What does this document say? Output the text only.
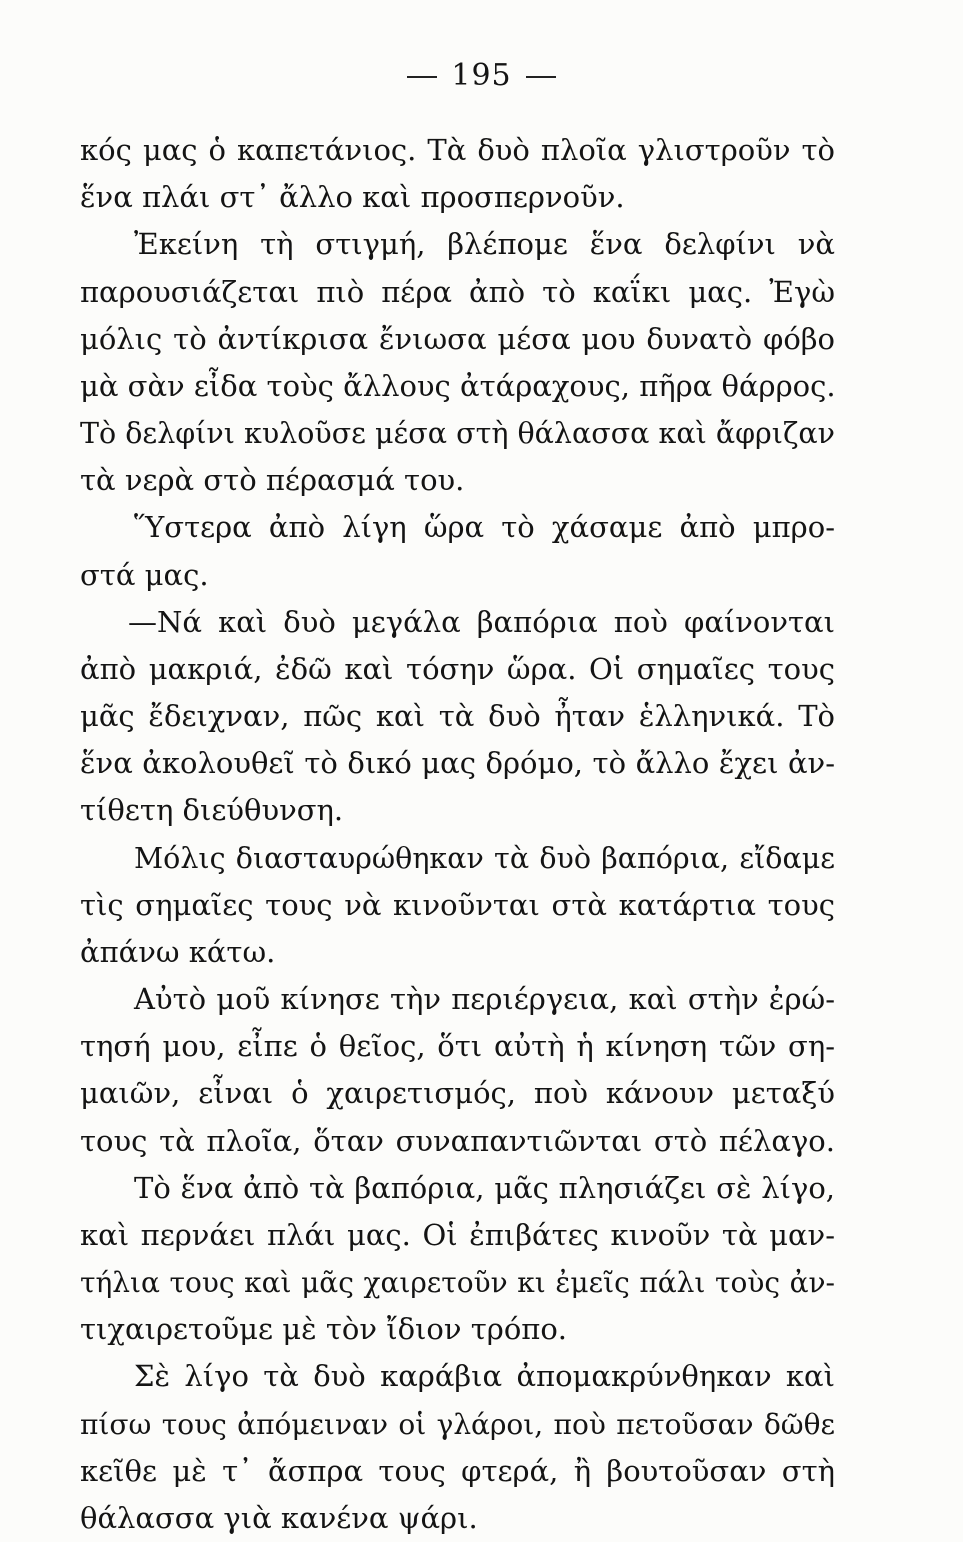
195
κός μας ὁ καπετάνιος. Τὰ δυὸ πλοῖα γλιστροῦν τὸ
ἕνα πλάι στ᾽ ἄλλο καὶ προσπερνοῦν.
Ἐκείνη τὴ στιγμή, βλέπομε ἕνα δελφίνι νὰ
παρουσιάζεται πιὸ πέρα ἀπὸ τὸ καΐκι μας. Ἐγὼ
μόλις τὸ ἀντίκρισα ἔνιωσα μέσα μου δυνατὸ φόβο
μὰ σὰν εἶδα τοὺς ἄλλους ἀτάραχους, πῆρα θάρρος.
Τὸ δελφίνι κυλοῦσε μέσα στὴ θάλασσα καὶ ἄφριζαν
τὰ νερὰ στὸ πέρασμά του.
Ὕστερα ἀπὸ λίγη ὥρα τὸ χάσαμε ἀπὸ μπρο-
στά μας.
—Νά καὶ δυὸ μεγάλα βαπόρια ποὺ φαίνονται
ἀπὸ μακριά, ἐδῶ καὶ τόσην ὥρα. Οἱ σημαῖες τους
μᾶς ἔδειχναν, πῶς καὶ τὰ δυὸ ἦταν ἑλληνικά. Τὸ
ἕνα ἀκολουθεῖ τὸ δικό μας δρόμο, τὸ ἄλλο ἔχει ἀν-
τίθετη διεύθυνση.
Μόλις διασταυρώθηκαν τὰ δυὸ βαπόρια, εἴδαμε
τὶς σημαῖες τους νὰ κινοῦνται στὰ κατάρτια τους
ἀπάνω κάτω.
Αὐτὸ μοῦ κίνησε τὴν περιέργεια, καὶ στὴν ἐρώ-
τησή μου, εἶπε ὁ θεῖος, ὅτι αὐτὴ ἡ κίνηση τῶν ση-
μαιῶν, εἶναι ὁ χαιρετισμός, ποὺ κάνουν μεταξύ
τους τὰ πλοῖα, ὅταν συναπαντιῶνται στὸ πέλαγο.
Τὸ ἕνα ἀπὸ τὰ βαπόρια, μᾶς πλησιάζει σὲ λίγο,
καὶ περνάει πλάι μας. Οἱ ἐπιβάτες κινοῦν τὰ μαν-
τήλια τους καὶ μᾶς χαιρετοῦν κι ἐμεῖς πάλι τοὺς ἀν-
τιχαιρετοῦμε μὲ τὸν ἴδιον τρόπο.
Σὲ λίγο τὰ δυὸ καράβια ἀπομακρύνθηκαν καὶ
πίσω τους ἀπόμειναν οἱ γλάροι, ποὺ πετοῦσαν δῶθε
κεῖθε μὲ τ᾽ ἄσπρα τους φτερά, ἢ βουτοῦσαν στὴ
θάλασσα γιὰ κανένα ψάρι.
